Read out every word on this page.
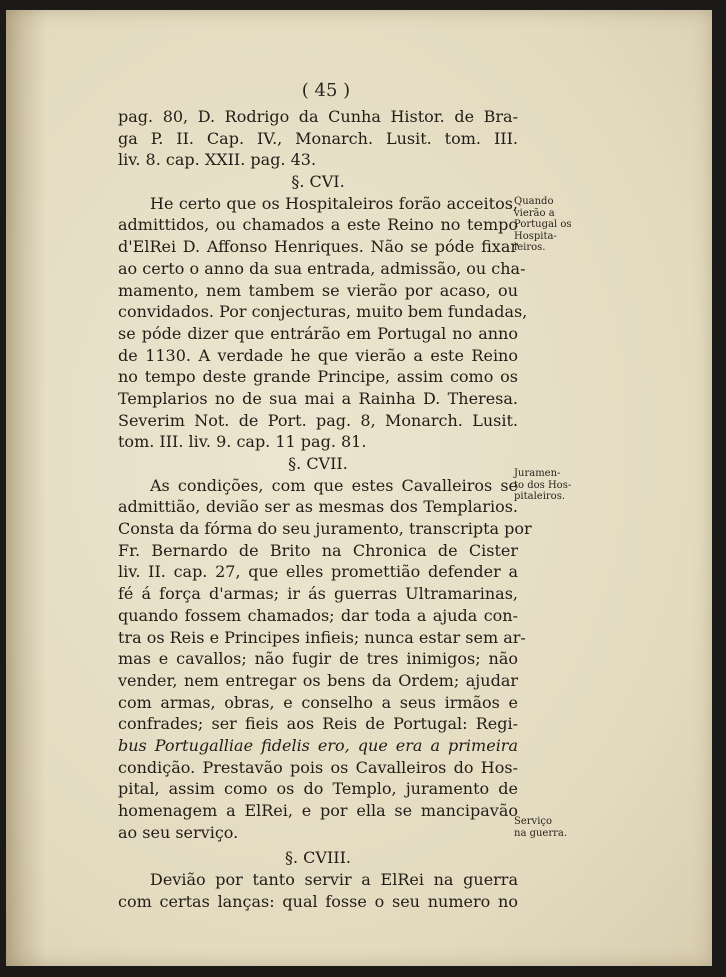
( 45 )
pag. 80, D. Rodrigo da Cunha Histor. de Bra-
ga P. II. Cap. IV., Monarch. Lusit. tom. III.
liv. 8. cap. XXII. pag. 43.
§. CVI.
He certo que os Hospitaleiros forão acceitos,
admittidos, ou chamados a este Reino no tempo
d'ElRei D. Affonso Henriques. Não se póde fixar
ao certo o anno da sua entrada, admissão, ou cha-
mamento, nem tambem se vierão por acaso, ou
convidados. Por conjecturas, muito bem fundadas,
se póde dizer que entrárão em Portugal no anno
de 1130. A verdade he que vierão a este Reino
no tempo deste grande Principe, assim como os
Templarios no de sua mai a Rainha D. Theresa.
Severim Not. de Port. pag. 8, Monarch. Lusit.
tom. III. liv. 9. cap. 11 pag. 81.
§. CVII.
As condições, com que estes Cavalleiros se
admittião, devião ser as mesmas dos Templarios.
Consta da fórma do seu juramento, transcripta por
Fr. Bernardo de Brito na Chronica de Cister
liv. II. cap. 27, que elles promettião defender a
fé á força d'armas; ir ás guerras Ultramarinas,
quando fossem chamados; dar toda a ajuda con-
tra os Reis e Principes infieis; nunca estar sem ar-
mas e cavallos; não fugir de tres inimigos; não
vender, nem entregar os bens da Ordem; ajudar
com armas, obras, e conselho a seus irmãos e
confrades; ser fieis aos Reis de Portugal: Regi-
bus Portugalliae fidelis ero, que era a primeira
condição. Prestavão pois os Cavalleiros do Hos-
pital, assim como os do Templo, juramento de
homenagem a ElRei, e por ella se mancipavão
ao seu serviço.
§. CVIII.
Devião por tanto servir a ElRei na guerra
com certas lanças: qual fosse o seu numero no
Quando
vierão a
Portugal os
Hospita-
leiros.
Juramen-
to dos Hos-
pitaleiros.
Serviço
na guerra.
